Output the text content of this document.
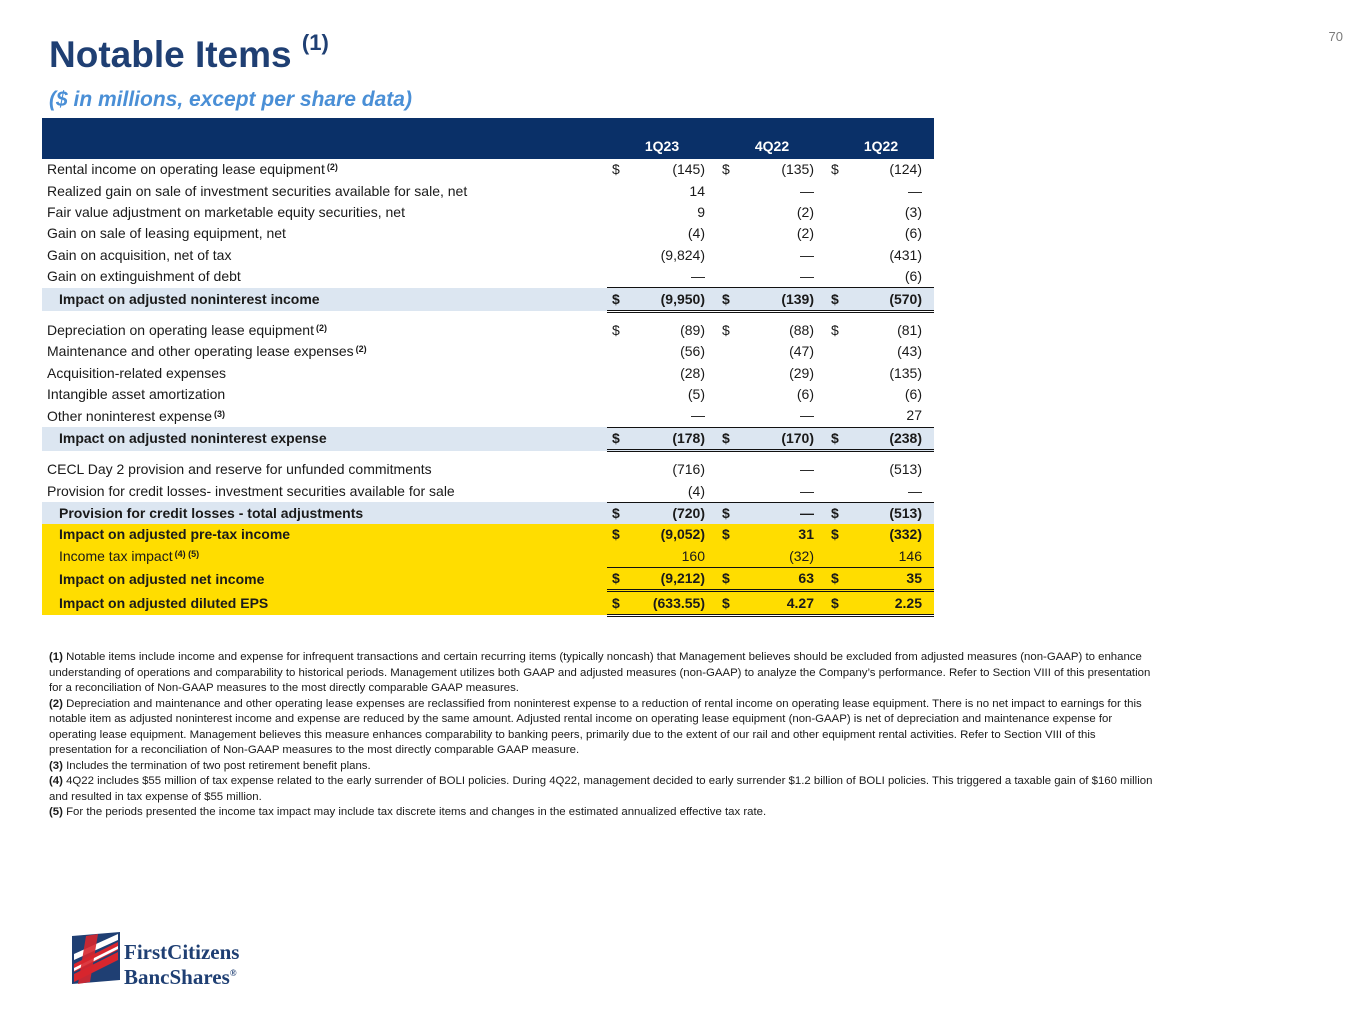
70
Notable Items $^{(1)}$
($ in millions, except per share data)
1Q23	4Q22	1Q22
Rental income on operating lease equipment $^{(2)}$	$	(145)	$	(135)	$	(124)
Realized gain on sale of investment securities available for sale, net		14		—		—
Fair value adjustment on marketable equity securities, net		9		(2)		(3)
Gain on sale of leasing equipment, net		(4)		(2)		(6)
Gain on acquisition, net of tax		(9,824)		—		(431)
Gain on extinguishment of debt		—		—		(6)
Impact on adjusted noninterest income	$	(9,950)	$	(139)	$	(570)

Depreciation on operating lease equipment $^{(2)}$	$	(89)	$	(88)	$	(81)
Maintenance and other operating lease expenses $^{(2)}$		(56)		(47)		(43)
Acquisition-related expenses		(28)		(29)		(135)
Intangible asset amortization		(5)		(6)		(6)
Other noninterest expense $^{(3)}$		—		—		27
Impact on adjusted noninterest expense	$	(178)	$	(170)	$	(238)

CECL Day 2 provision and reserve for unfunded commitments		(716)		—		(513)
Provision for credit losses- investment securities available for sale		(4)		—		—
Provision for credit losses - total adjustments	$	(720)	$	—	$	(513)
Impact on adjusted pre-tax income	$	(9,052)	$	31	$	(332)
Income tax impact $^{(4) (5)}$		160		(32)		146
Impact on adjusted net income	$	(9,212)	$	63	$	35
Impact on adjusted diluted EPS	$	(633.55)	$	4.27	$	2.25

(1) Notable items include income and expense for infrequent transactions and certain recurring items (typically noncash) that Management believes should be excluded from adjusted measures (non-GAAP) to enhance understanding of operations and comparability to historical periods. Management utilizes both GAAP and adjusted measures (non-GAAP) to analyze the Company’s performance. Refer to Section VIII of this presentation for a reconciliation of Non-GAAP measures to the most directly comparable GAAP measures.

(2) Depreciation and maintenance and other operating lease expenses are reclassified from noninterest expense to a reduction of rental income on operating lease equipment. There is no net impact to earnings for this notable item as adjusted noninterest income and expense are reduced by the same amount. Adjusted rental income on operating lease equipment (non-GAAP) is net of depreciation and maintenance expense for operating lease equipment. Management believes this measure enhances comparability to banking peers, primarily due to the extent of our rail and other equipment rental activities. Refer to Section VIII of this presentation for a reconciliation of Non-GAAP measures to the most directly comparable GAAP measure.

(3) Includes the termination of two post retirement benefit plans.

(4) 4Q22 includes $55 million of tax expense related to the early surrender of BOLI policies. During 4Q22, management decided to early surrender $1.2 billion of BOLI policies. This triggered a taxable gain of $160 million and resulted in tax expense of $55 million.

(5) For the periods presented the income tax impact may include tax discrete items and changes in the estimated annualized effective tax rate.

FirstCitizens
BancShares®
